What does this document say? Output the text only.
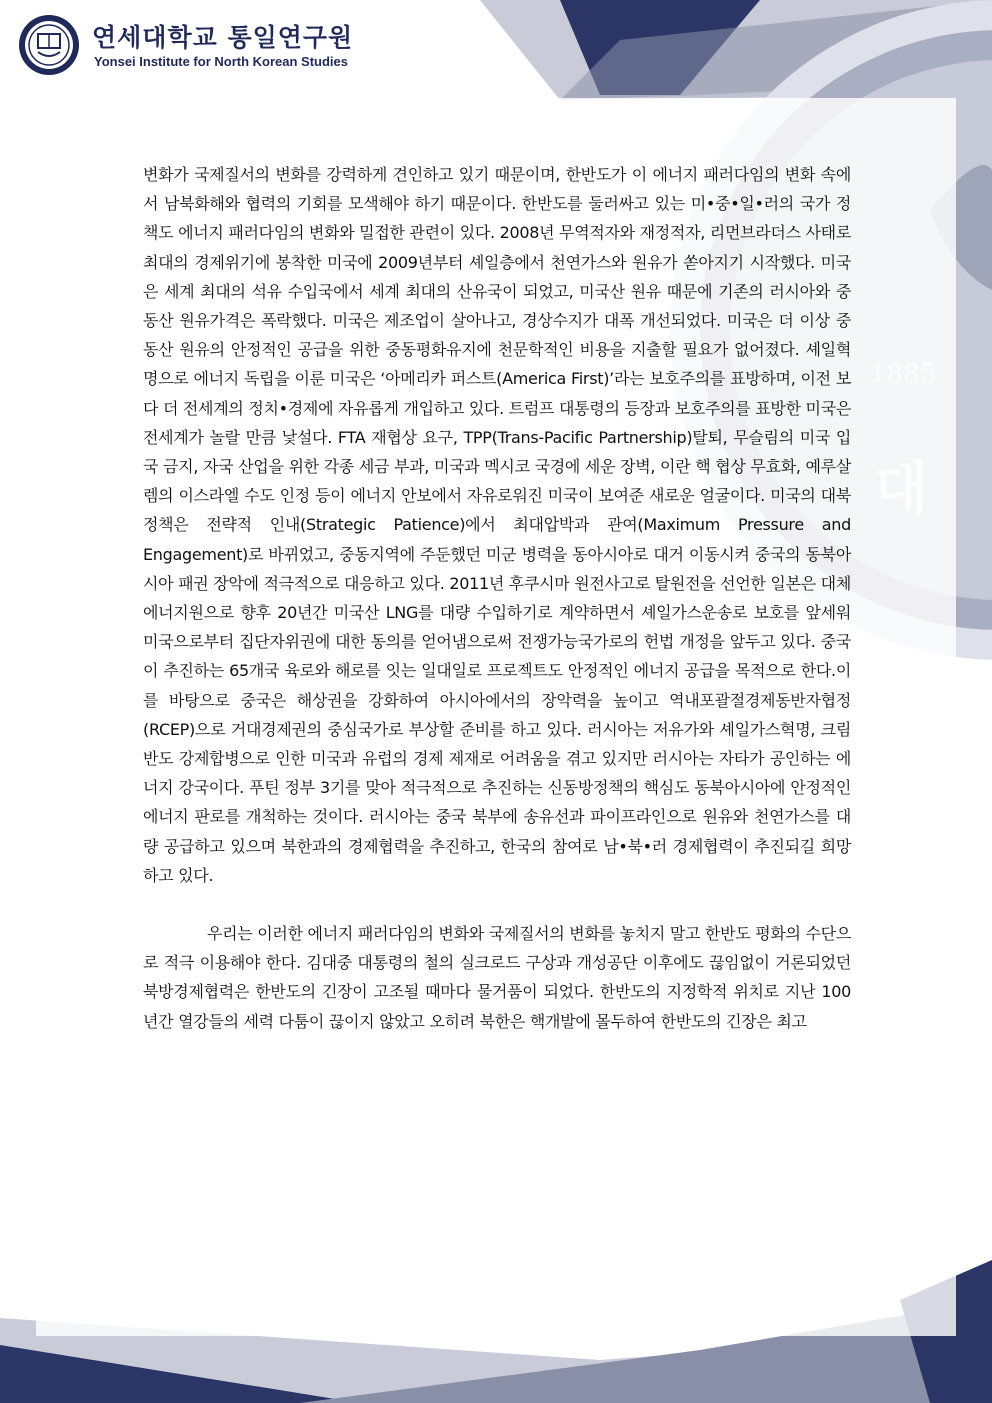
1885
대
연세대학교 통일연구원
Yonsei Institute for North Korean Studies

변화가 국제질서의 변화를 강력하게 견인하고 있기 때문이며, 한반도가 이 에너지 패러다임의 변화 속에서 남북화해와 협력의 기회를 모색해야 하기 때문이다. 한반도를 둘러싸고 있는 미•중•일•러의 국가 정책도 에너지 패러다임의 변화와 밀접한 관련이 있다. 2008년 무역적자와 재정적자, 리먼브라더스 사태로 최대의 경제위기에 봉착한 미국에 2009년부터 셰일층에서 천연가스와 원유가 쏟아지기 시작했다. 미국은 세계 최대의 석유 수입국에서 세계 최대의 산유국이 되었고, 미국산 원유 때문에 기존의 러시아와 중동산 원유가격은 폭락했다. 미국은 제조업이 살아나고, 경상수지가 대폭 개선되었다. 미국은 더 이상 중동산 원유의 안정적인 공급을 위한 중동평화유지에 천문학적인 비용을 지출할 필요가 없어졌다. 셰일혁명으로 에너지 독립을 이룬 미국은 ‘아메리카 퍼스트(America First)’라는 보호주의를 표방하며, 이전 보다 더 전세계의 정치•경제에 자유롭게 개입하고 있다. 트럼프 대통령의 등장과 보호주의를 표방한 미국은 전세계가 놀랄 만큼 낯설다. FTA 재협상 요구, TPP(Trans-Pacific Partnership)탈퇴, 무슬림의 미국 입국 금지, 자국 산업을 위한 각종 세금 부과, 미국과 멕시코 국경에 세운 장벽, 이란 핵 협상 무효화, 예루살렘의 이스라엘 수도 인정 등이 에너지 안보에서 자유로워진 미국이 보여준 새로운 얼굴이다. 미국의 대북정책은 전략적 인내(Strategic Patience)에서 최대압박과 관여(Maximum Pressure and Engagement)로 바뀌었고, 중동지역에 주둔했던 미군 병력을 동아시아로 대거 이동시켜 중국의 동북아시아 패권 장악에 적극적으로 대응하고 있다. 2011년 후쿠시마 원전사고로 탈원전을 선언한 일본은 대체에너지원으로 향후 20년간 미국산 LNG를 대량 수입하기로 계약하면서 셰일가스운송로 보호를 앞세워 미국으로부터 집단자위권에 대한 동의를 얻어냄으로써 전쟁가능국가로의 헌법 개정을 앞두고 있다. 중국이 추진하는 65개국 육로와 해로를 잇는 일대일로 프로젝트도 안정적인 에너지 공급을 목적으로 한다.이를 바탕으로 중국은 해상권을 강화하여 아시아에서의 장악력을 높이고 역내포괄절경제동반자협정(RCEP)으로 거대경제권의 중심국가로 부상할 준비를 하고 있다. 러시아는 저유가와 셰일가스혁명, 크림반도 강제합병으로 인한 미국과 유럽의 경제 제재로 어려움을 겪고 있지만 러시아는 자타가 공인하는 에너지 강국이다. 푸틴 정부 3기를 맞아 적극적으로 추진하는 신동방정책의 핵심도 동북아시아에 안정적인 에너지 판로를 개척하는 것이다. 러시아는 중국 북부에 송유선과 파이프라인으로 원유와 천연가스를 대량 공급하고 있으며 북한과의 경제협력을 추진하고, 한국의 참여로 남•북•러 경제협력이 추진되길 희망하고 있다.

우리는 이러한 에너지 패러다임의 변화와 국제질서의 변화를 놓치지 말고 한반도 평화의 수단으로 적극 이용해야 한다. 김대중 대통령의 철의 실크로드 구상과 개성공단 이후에도 끊임없이 거론되었던 북방경제협력은 한반도의 긴장이 고조될 때마다 물거품이 되었다. 한반도의 지정학적 위치로 지난 100년간 열강들의 세력 다툼이 끊이지 않았고 오히려 북한은 핵개발에 몰두하여 한반도의 긴장은 최고
